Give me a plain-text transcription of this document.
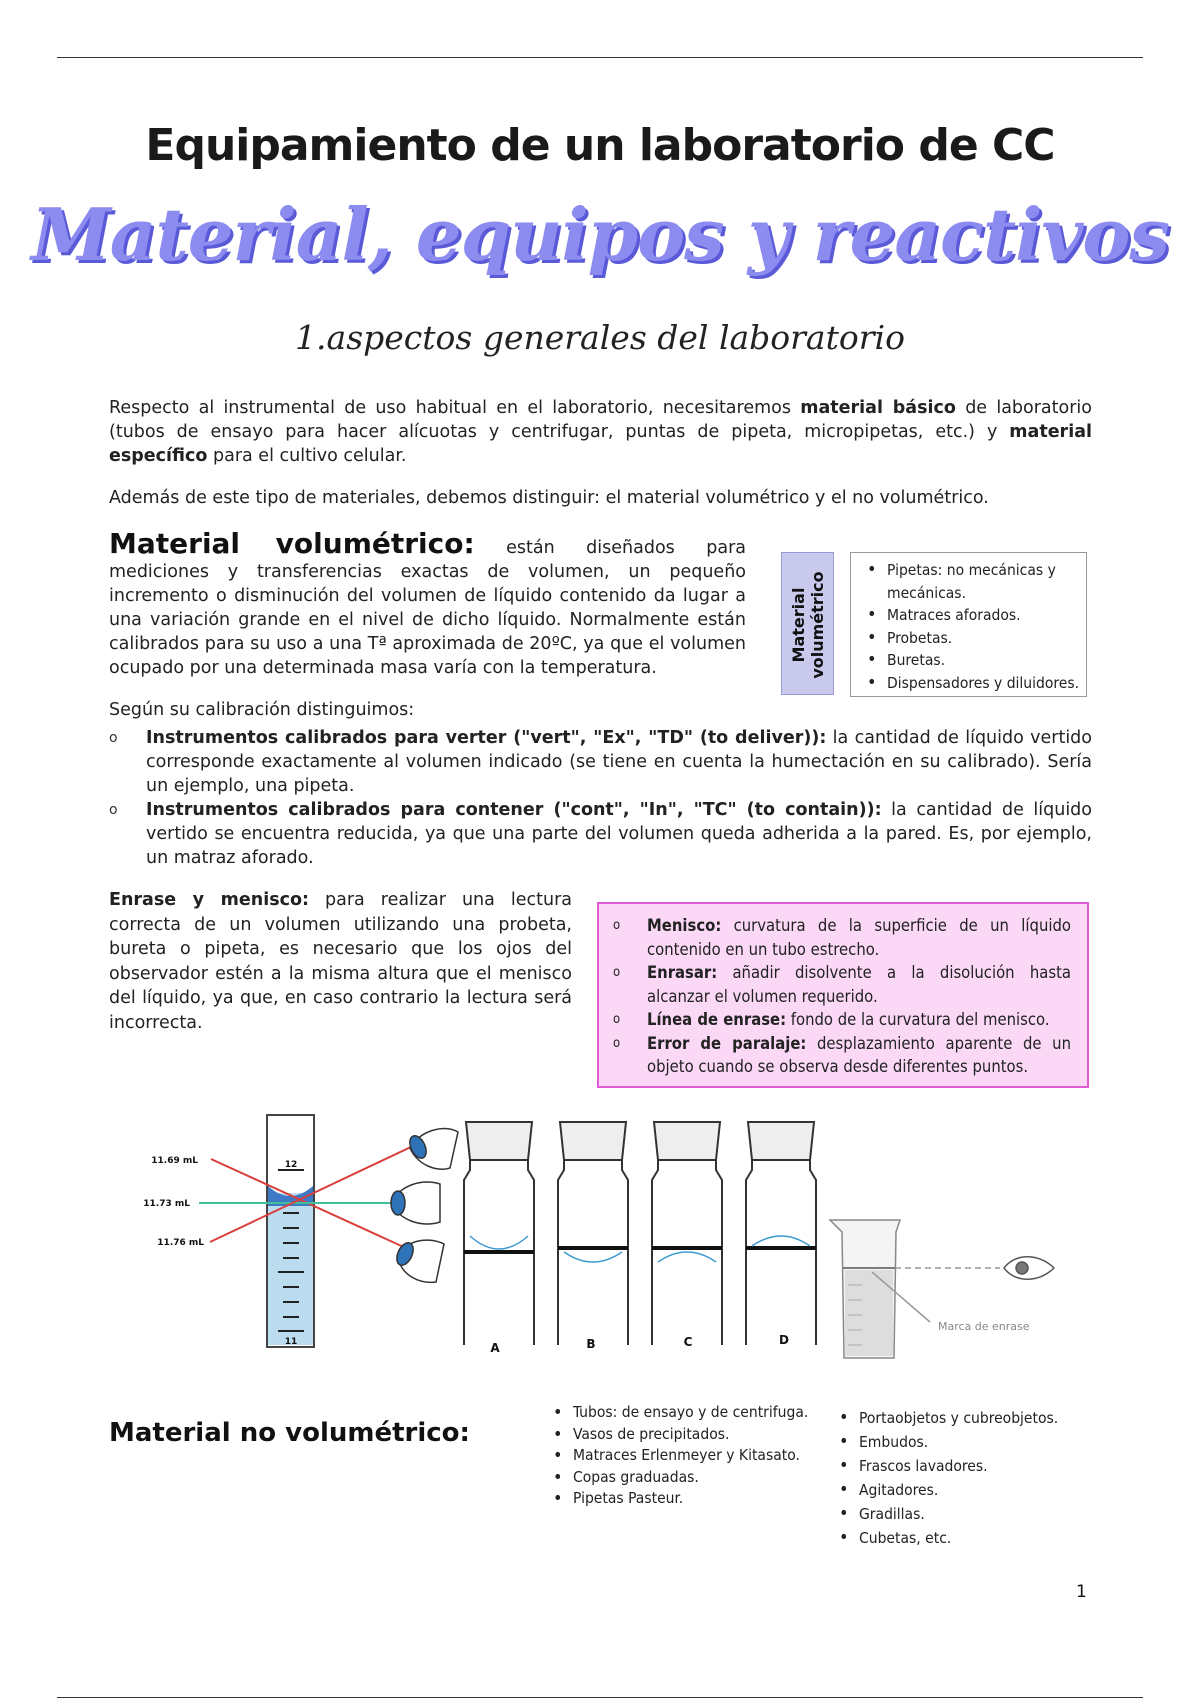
Equipamiento de un laboratorio de CC
Material, equipos y reactivos
1.aspectos generales del laboratorio
Respecto al instrumental de uso habitual en el laboratorio, necesitaremos material básico de laboratorio (tubos de ensayo para hacer alícuotas y centrifugar, puntas de pipeta, micropipetas, etc.) y material específico para el cultivo celular.
Además de este tipo de materiales, debemos distinguir: el material volumétrico y el no volumétrico.
Material volumétrico: están diseñados para mediciones y transferencias exactas de volumen, un pequeño incremento o disminución del volumen de líquido contenido da lugar a una variación grande en el nivel de dicho líquido. Normalmente están calibrados para su uso a una Tª aproximada de 20ºC, ya que el volumen ocupado por una determinada masa varía con la temperatura.
Material volumétrico
• Pipetas: no mecánicas y mecánicas.
• Matraces aforados.
• Probetas.
• Buretas.
• Dispensadores y diluidores.
Según su calibración distinguimos:
o Instrumentos calibrados para verter ("vert", "Ex", "TD" (to deliver)): la cantidad de líquido vertido corresponde exactamente al volumen indicado (se tiene en cuenta la humectación en su calibrado). Sería un ejemplo, una pipeta.
o Instrumentos calibrados para contener ("cont", "In", "TC" (to contain)): la cantidad de líquido vertido se encuentra reducida, ya que una parte del volumen queda adherida a la pared. Es, por ejemplo, un matraz aforado.
Enrase y menisco: para realizar una lectura correcta de un volumen utilizando una probeta, bureta o pipeta, es necesario que los ojos del observador estén a la misma altura que el menisco del líquido, ya que, en caso contrario la lectura será incorrecta.
o Menisco: curvatura de la superficie de un líquido contenido en un tubo estrecho.
o Enrasar: añadir disolvente a la disolución hasta alcanzar el volumen requerido.
o Línea de enrase: fondo de la curvatura del menisco.
o Error de paralaje: desplazamiento aparente de un objeto cuando se observa desde diferentes puntos.
12
11
11.69 mL
11.73 mL
11.76 mL
A	B	C	D
Marca de enrase
Material no volumétrico:
• Tubos: de ensayo y de centrifuga.
• Vasos de precipitados.
• Matraces Erlenmeyer y Kitasato.
• Copas graduadas.
• Pipetas Pasteur.
• Portaobjetos y cubreobjetos.
• Embudos.
• Frascos lavadores.
• Agitadores.
• Gradillas.
• Cubetas, etc.
1
